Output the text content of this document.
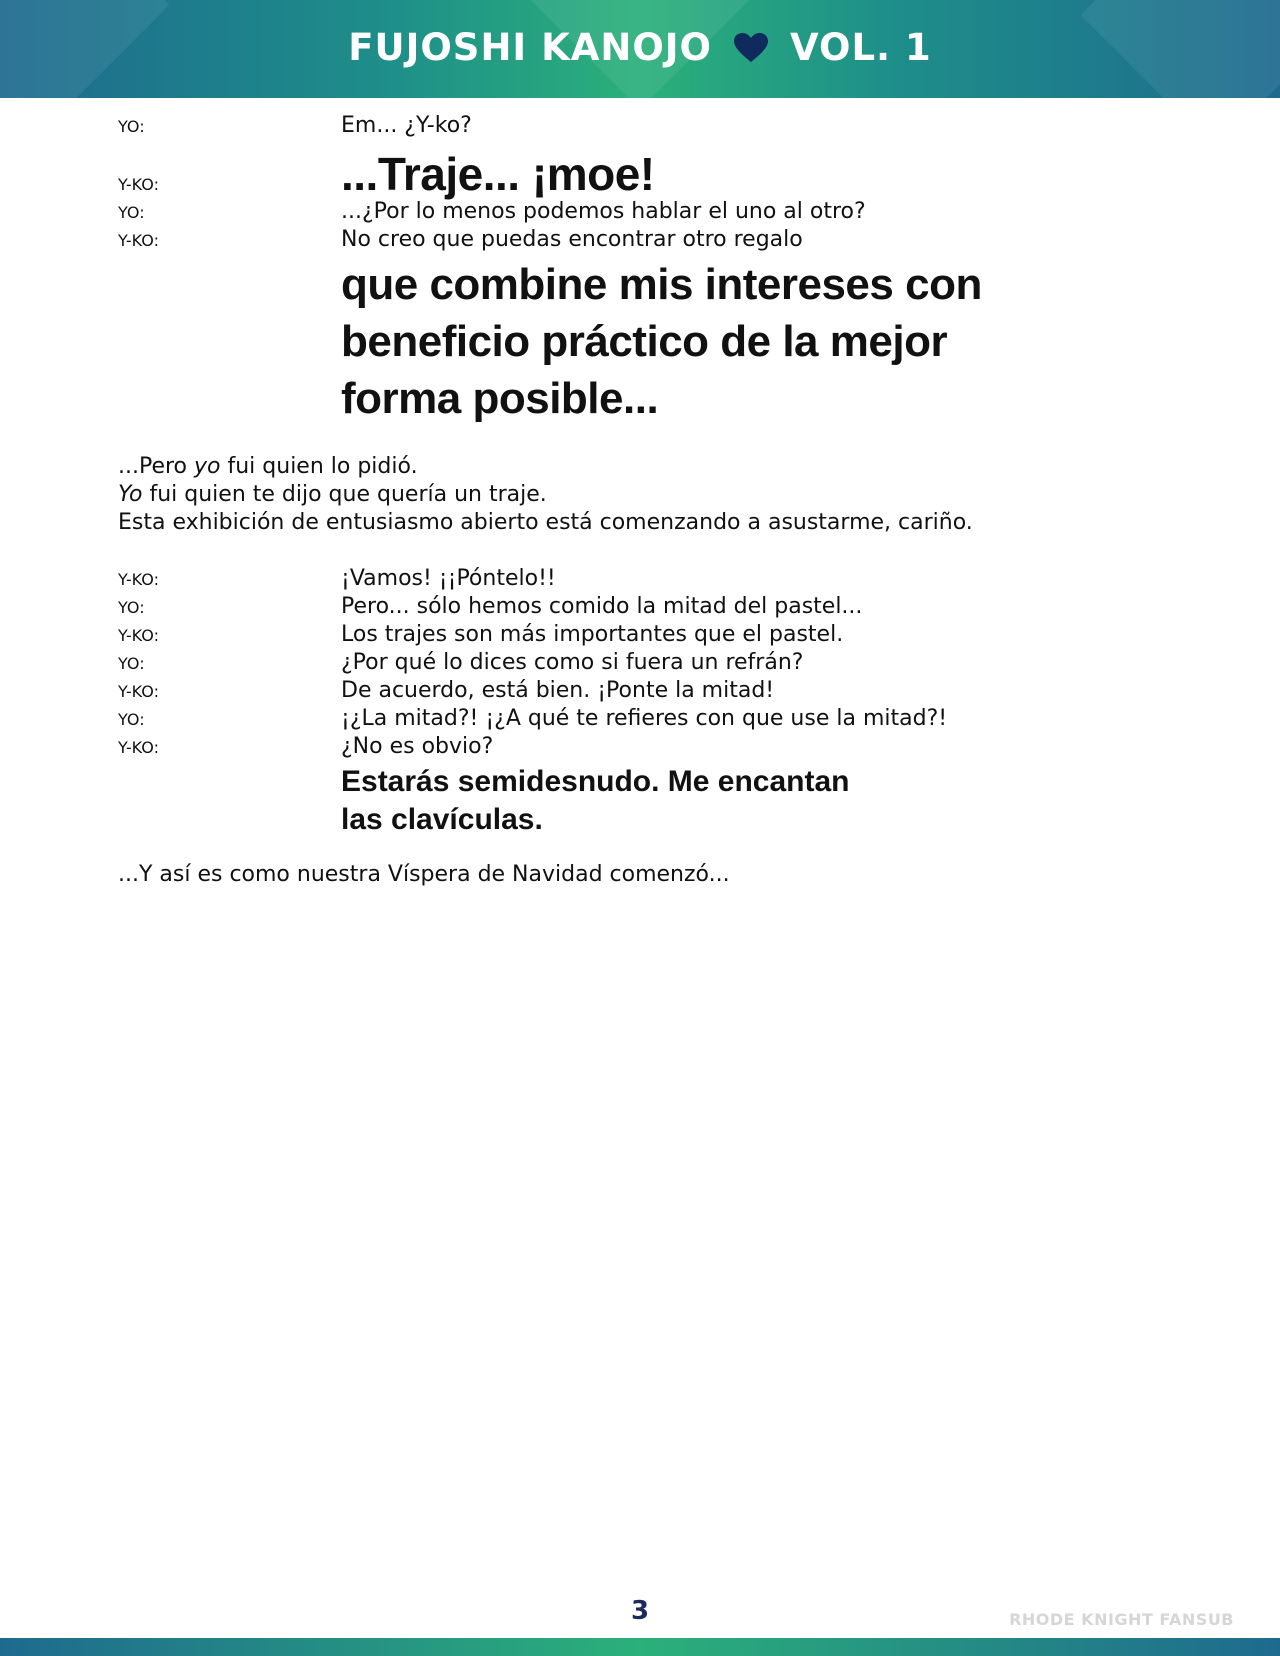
FUJOSHI KANOJO VOL. 1
YO:	Em... ¿Y-ko?
Y-KO:	...Traje... ¡moe!
YO:	...¿Por lo menos podemos hablar el uno al otro?
Y-KO:	No creo que puedas encontrar otro regalo
que combine mis intereses con
beneficio práctico de la mejor
forma posible...
...Pero yo fui quien lo pidió.
Yo fui quien te dijo que quería un traje.
Esta exhibición de entusiasmo abierto está comenzando a asustarme, cariño.
Y-KO:	¡Vamos! ¡¡Póntelo!!
YO:	Pero... sólo hemos comido la mitad del pastel...
Y-KO:	Los trajes son más importantes que el pastel.
YO:	¿Por qué lo dices como si fuera un refrán?
Y-KO:	De acuerdo, está bien. ¡Ponte la mitad!
YO:	¡¿La mitad?! ¡¿A qué te refieres con que use la mitad?!
Y-KO:	¿No es obvio?
Estarás semidesnudo. Me encantan
las clavículas.
...Y así es como nuestra Víspera de Navidad comenzó...
3	RHODE KNIGHT FANSUB
